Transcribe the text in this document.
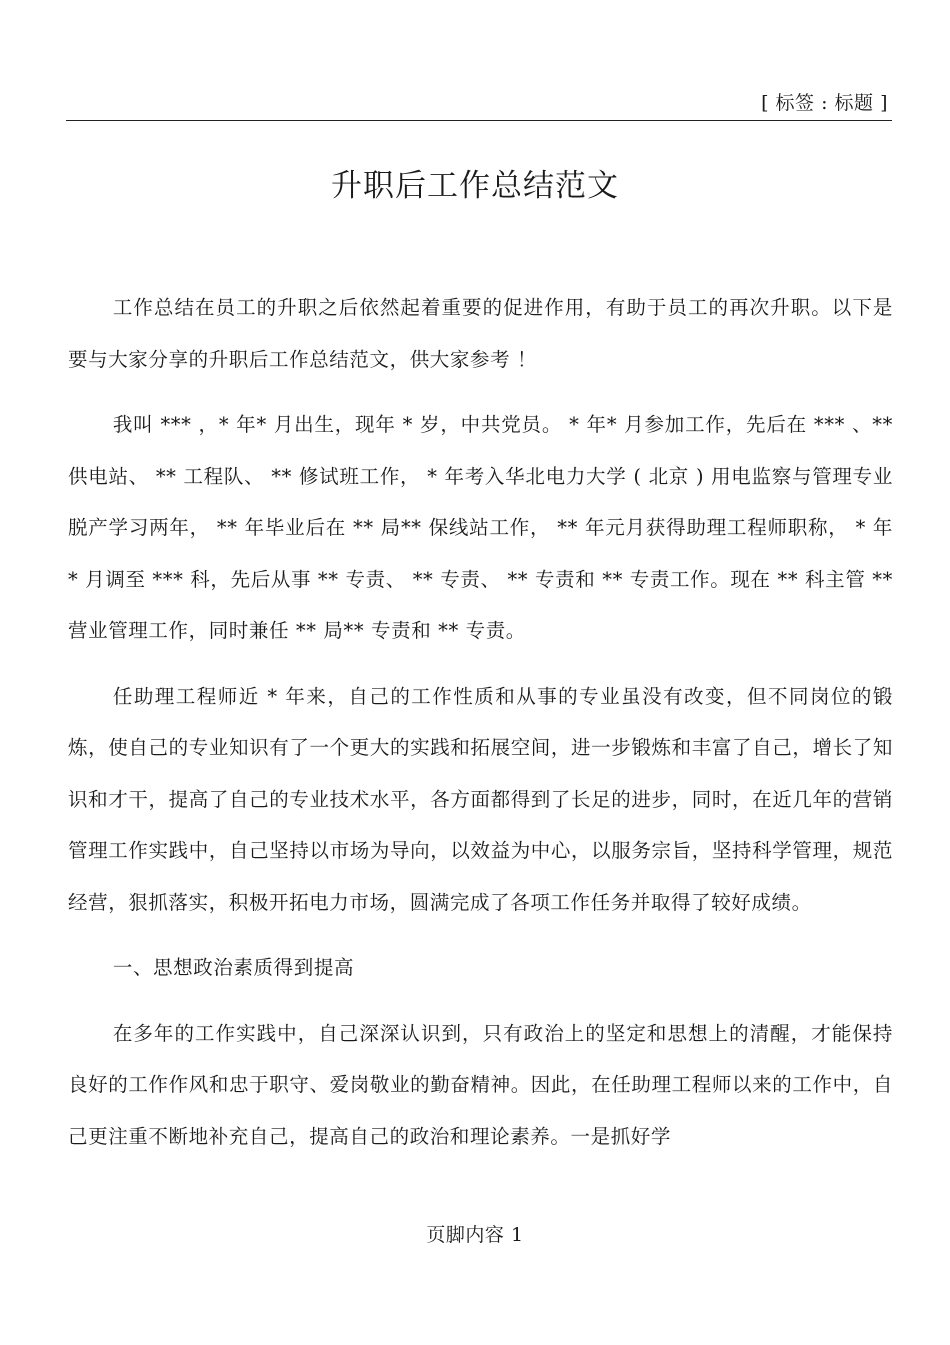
[ 标签 : 标题 ]
升职后工作总结范文

工作总结在员工的升职之后依然起着重要的促进作用，有助于员工的再次升职。以下是 要与大家分享的升职后工作总结范文，供大家参考 ！

我叫 *** ，* 年* 月出生，现年 * 岁，中共党员。 * 年* 月参加工作，先后在 *** 、** 供电站、 ** 工程队、 ** 修试班工作， * 年考入华北电力大学 ( 北京 ) 用电监察与管理专业脱产学习两年， ** 年毕业后在 ** 局** 保线站工作， ** 年元月获得助理工程师职称， * 年* 月调至 *** 科，先后从事 ** 专责、 ** 专责、 ** 专责和 ** 专责工作。现在 ** 科主管 ** 营业管理工作，同时兼任 ** 局** 专责和 ** 专责。

任助理工程师近 * 年来，自己的工作性质和从事的专业虽没有改变，但不同岗位的锻炼，使自己的专业知识有了一个更大的实践和拓展空间，进一步锻炼和丰富了自己，增长了知识和才干，提高了自己的专业技术水平，各方面都得到了长足的进步，同时，在近几年的营销管理工作实践中，自己坚持以市场为导向，以效益为中心，以服务宗旨，坚持科学管理，规范经营，狠抓落实，积极开拓电力市场，圆满完成了各项工作任务并取得了较好成绩。

一、思想政治素质得到提高

在多年的工作实践中，自己深深认识到，只有政治上的坚定和思想上的清醒，才能保持良好的工作作风和忠于职守、爱岗敬业的勤奋精神。因此，在任助理工程师以来的工作中，自己更注重不断地补充自己，提高自己的政治和理论素养。一是抓好学

页脚内容 1
